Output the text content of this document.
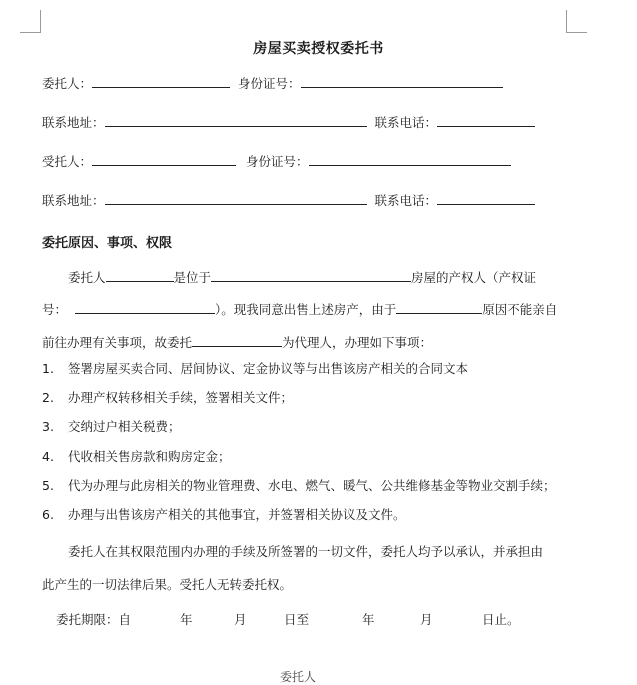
房屋买卖授权委托书
委托人：	身份证号：
联系地址：	联系电话：
受托人：	身份证号：
联系地址：	联系电话：
委托原因、事项、权限
委托人	是位于	房屋的产权人（产权证
号：	）。现我同意出售上述房产，由于	原因不能亲自
前往办理有关事项，故委托	为代理人，办理如下事项：
1. 签署房屋买卖合同、居间协议、定金协议等与出售该房产相关的合同文本
2. 办理产权转移相关手续，签署相关文件；
3. 交纳过户相关税费；
4. 代收相关售房款和购房定金；
5. 代为办理与此房相关的物业管理费、水电、燃气、暖气、公共维修基金等物业交割手续；
6. 办理与出售该房产相关的其他事宜，并签署相关协议及文件。
委托人在其权限范围内办理的手续及所签署的一切文件，委托人均予以承认，并承担由
此产生的一切法律后果。受托人无转委托权。
委托期限：自	年	月	日至	年	月	日止。
委托人
